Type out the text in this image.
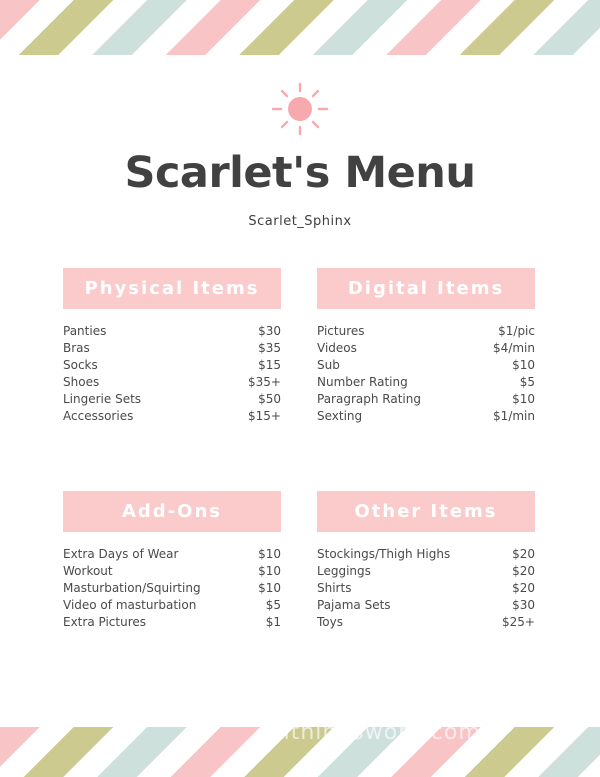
Scarlet's Menu
Scarlet_Sphinx
Physical Items
Panties	$30
Bras	$35
Socks	$15
Shoes	$35+
Lingerie Sets	$50
Accessories	$15+
Digital Items
Pictures	$1/pic
Videos	$4/min
Sub	$10
Number Rating	$5
Paragraph Rating	$10
Sexting	$1/min
Add-Ons
Extra Days of Wear	$10
Workout	$10
Masturbation/Squirting	$10
Video of masturbation	$5
Extra Pictures	$1
Other Items
Stockings/Thigh Highs	$20
Leggings	$20
Shirts	$20
Pajama Sets	$30
Toys	$25+
allthingsworn.com
